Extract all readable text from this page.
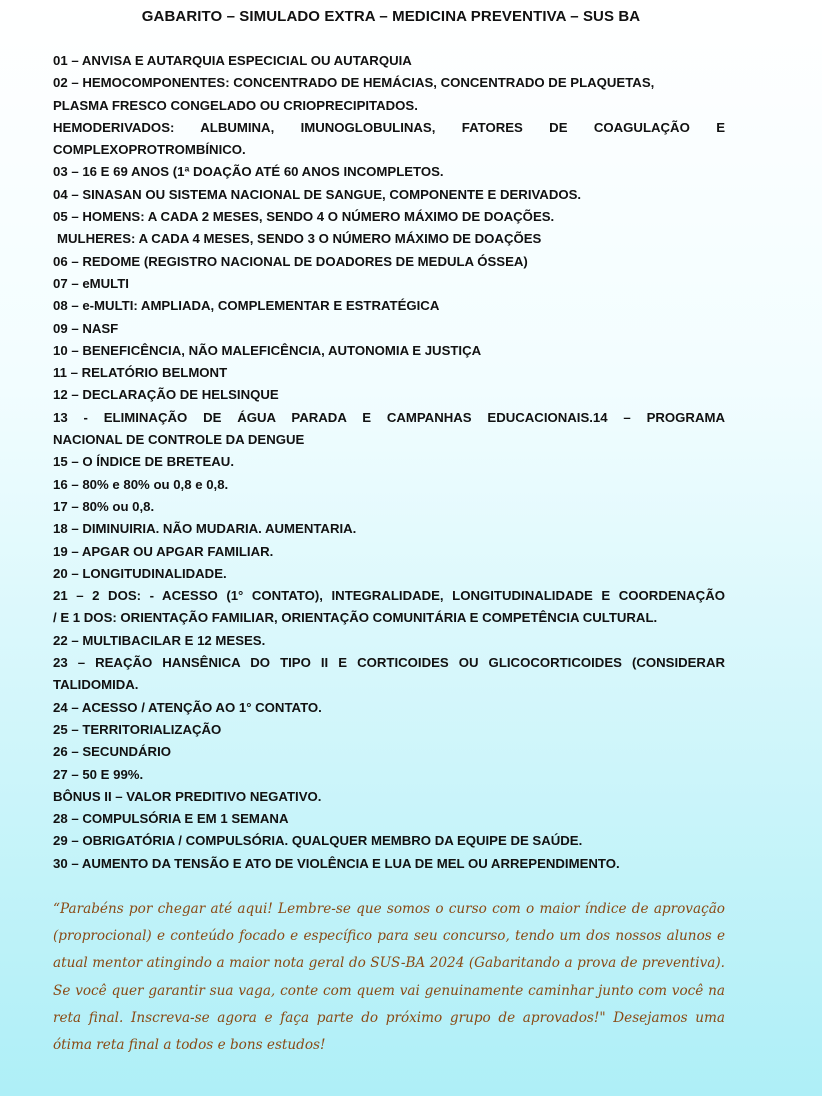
GABARITO – SIMULADO EXTRA – MEDICINA PREVENTIVA – SUS BA
01 – ANVISA E AUTARQUIA ESPECICIAL OU AUTARQUIA
02 – HEMOCOMPONENTES: CONCENTRADO DE HEMÁCIAS, CONCENTRADO DE PLAQUETAS,
PLASMA FRESCO CONGELADO OU CRIOPRECIPITADOS.
HEMODERIVADOS: ALBUMINA, IMUNOGLOBULINAS, FATORES DE COAGULAÇÃO E
COMPLEXOPROTROMBÍNICO.
03 – 16 E 69 ANOS (1ª DOAÇÃO ATÉ 60 ANOS INCOMPLETOS.
04 – SINASAN OU SISTEMA NACIONAL DE SANGUE, COMPONENTE E DERIVADOS.
05 – HOMENS: A CADA 2 MESES, SENDO 4 O NÚMERO MÁXIMO DE DOAÇÕES.
MULHERES: A CADA 4 MESES, SENDO 3 O NÚMERO MÁXIMO DE DOAÇÕES
06 – REDOME (REGISTRO NACIONAL DE DOADORES DE MEDULA ÓSSEA)
07 – eMULTI
08 – e-MULTI: AMPLIADA, COMPLEMENTAR E ESTRATÉGICA
09 – NASF
10 – BENEFICÊNCIA, NÃO MALEFICÊNCIA, AUTONOMIA E JUSTIÇA
11 – RELATÓRIO BELMONT
12 – DECLARAÇÃO DE HELSINQUE
13 - ELIMINAÇÃO DE ÁGUA PARADA E CAMPANHAS EDUCACIONAIS.14 – PROGRAMA
NACIONAL DE CONTROLE DA DENGUE
15 – O ÍNDICE DE BRETEAU.
16 – 80% e 80% ou 0,8 e 0,8.
17 – 80% ou 0,8.
18 – DIMINUIRIA. NÃO MUDARIA. AUMENTARIA.
19 – APGAR OU APGAR FAMILIAR.
20 – LONGITUDINALIDADE.
21 – 2 DOS: - ACESSO (1° CONTATO), INTEGRALIDADE, LONGITUDINALIDADE E COORDENAÇÃO
/ E 1 DOS: ORIENTAÇÃO FAMILIAR, ORIENTAÇÃO COMUNITÁRIA E COMPETÊNCIA CULTURAL.
22 – MULTIBACILAR E 12 MESES.
23 – REAÇÃO HANSÊNICA DO TIPO II E CORTICOIDES OU GLICOCORTICOIDES (CONSIDERAR
TALIDOMIDA.
24 – ACESSO / ATENÇÃO AO 1° CONTATO.
25 – TERRITORIALIZAÇÃO
26 – SECUNDÁRIO
27 – 50 E 99%.
BÔNUS II – VALOR PREDITIVO NEGATIVO.
28 – COMPULSÓRIA E EM 1 SEMANA
29 – OBRIGATÓRIA / COMPULSÓRIA. QUALQUER MEMBRO DA EQUIPE DE SAÚDE.
30 – AUMENTO DA TENSÃO E ATO DE VIOLÊNCIA E LUA DE MEL OU ARREPENDIMENTO.
“Parabéns por chegar até aqui! Lembre-se que somos o curso com o maior índice de aprovação (proprocional) e conteúdo focado e específico para seu concurso, tendo um dos nossos alunos e atual mentor atingindo a maior nota geral do SUS-BA 2024 (Gabaritando a prova de preventiva). Se você quer garantir sua vaga, conte com quem vai genuinamente caminhar junto com você na reta final. Inscreva-se agora e faça parte do próximo grupo de aprovados!" Desejamos uma ótima reta final a todos e bons estudos!
